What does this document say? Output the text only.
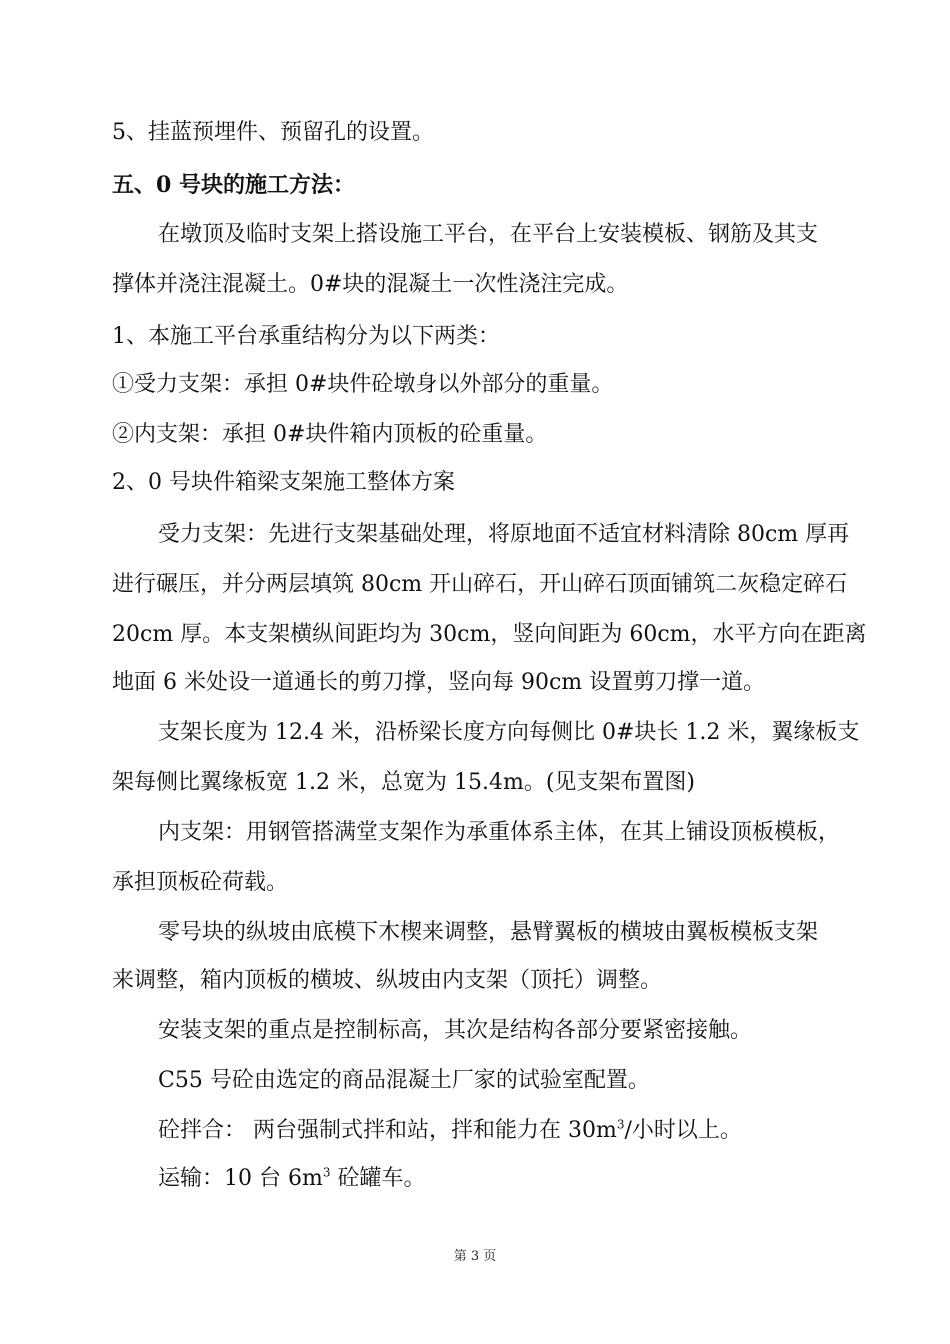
5、挂蓝预埋件、预留孔的设置。
五、0 号块的施工方法：
在墩顶及临时支架上搭设施工平台，在平台上安装模板、钢筋及其支
撑体并浇注混凝土。0#块的混凝土一次性浇注完成。
1、本施工平台承重结构分为以下两类：
①受力支架：承担 0#块件砼墩身以外部分的重量。
②内支架：承担 0#块件箱内顶板的砼重量。
2、0 号块件箱梁支架施工整体方案
受力支架：先进行支架基础处理，将原地面不适宜材料清除 80cm 厚再
进行碾压，并分两层填筑 80cm 开山碎石，开山碎石顶面铺筑二灰稳定碎石
20cm 厚。本支架横纵间距均为 30cm，竖向间距为 60cm，水平方向在距离
地面 6 米处设一道通长的剪刀撑，竖向每 90cm 设置剪刀撑一道。
支架长度为 12.4 米，沿桥梁长度方向每侧比 0#块长 1.2 米，翼缘板支
架每侧比翼缘板宽 1.2 米，总宽为 15.4m。(见支架布置图)
内支架：用钢管搭满堂支架作为承重体系主体，在其上铺设顶板模板，
承担顶板砼荷载。
零号块的纵坡由底模下木楔来调整，悬臂翼板的横坡由翼板模板支架
来调整，箱内顶板的横坡、纵坡由内支架（顶托）调整。
安装支架的重点是控制标高，其次是结构各部分要紧密接触。
C55 号砼由选定的商品混凝土厂家的试验室配置。
砼拌合： 两台强制式拌和站，拌和能力在 $30m^3/$小时以上。
运输：10 台 $6m^3$ 砼罐车。
第 3 页
